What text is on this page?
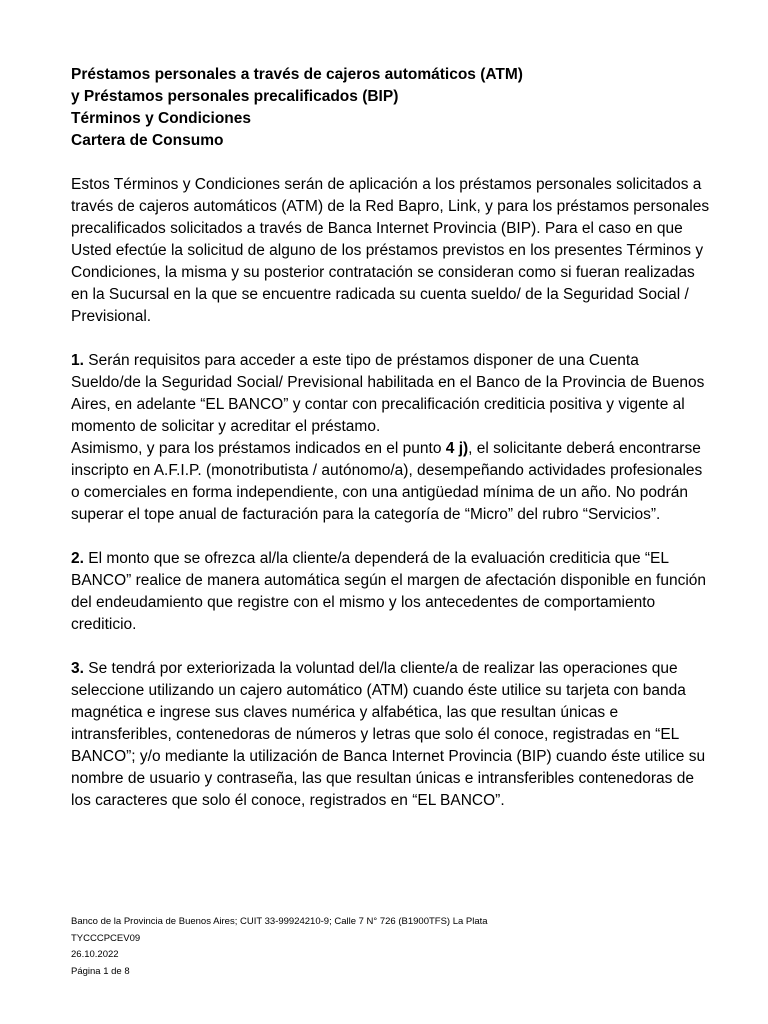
Préstamos personales a través de cajeros automáticos (ATM)
y Préstamos personales precalificados (BIP)
Términos y Condiciones
Cartera de Consumo

Estos Términos y Condiciones serán de aplicación a los préstamos personales solicitados a través de cajeros automáticos (ATM) de la Red Bapro, Link, y para los préstamos personales precalificados solicitados a través de Banca Internet Provincia (BIP). Para el caso en que Usted efectúe la solicitud de alguno de los préstamos previstos en los presentes Términos y Condiciones, la misma y su posterior contratación se consideran como si fueran realizadas en la Sucursal en la que se encuentre radicada su cuenta sueldo/ de la Seguridad Social / Previsional.

1. Serán requisitos para acceder a este tipo de préstamos disponer de una Cuenta Sueldo/de la Seguridad Social/ Previsional habilitada en el Banco de la Provincia de Buenos Aires, en adelante “EL BANCO” y contar con precalificación crediticia positiva y vigente al momento de solicitar y acreditar el préstamo.

Asimismo, y para los préstamos indicados en el punto 4 j), el solicitante deberá encontrarse inscripto en A.F.I.P. (monotributista / autónomo/a), desempeñando actividades profesionales o comerciales en forma independiente, con una antigüedad mínima de un año. No podrán superar el tope anual de facturación para la categoría de “Micro” del rubro “Servicios”.

2. El monto que se ofrezca al/la cliente/a dependerá de la evaluación crediticia que “EL BANCO” realice de manera automática según el margen de afectación disponible en función del endeudamiento que registre con el mismo y los antecedentes de comportamiento crediticio.

3. Se tendrá por exteriorizada la voluntad del/la cliente/a de realizar las operaciones que seleccione utilizando un cajero automático (ATM) cuando éste utilice su tarjeta con banda magnética e ingrese sus claves numérica y alfabética, las que resultan únicas e intransferibles, contenedoras de números y letras que solo él conoce, registradas en “EL BANCO”; y/o mediante la utilización de Banca Internet Provincia (BIP) cuando éste utilice su nombre de usuario y contraseña, las que resultan únicas e intransferibles contenedoras de los caracteres que solo él conoce, registrados en “EL BANCO”.

Banco de la Provincia de Buenos Aires; CUIT 33-99924210-9; Calle 7 N° 726 (B1900TFS) La Plata
TYCCCPCEV09
26.10.2022
Página 1 de 8
